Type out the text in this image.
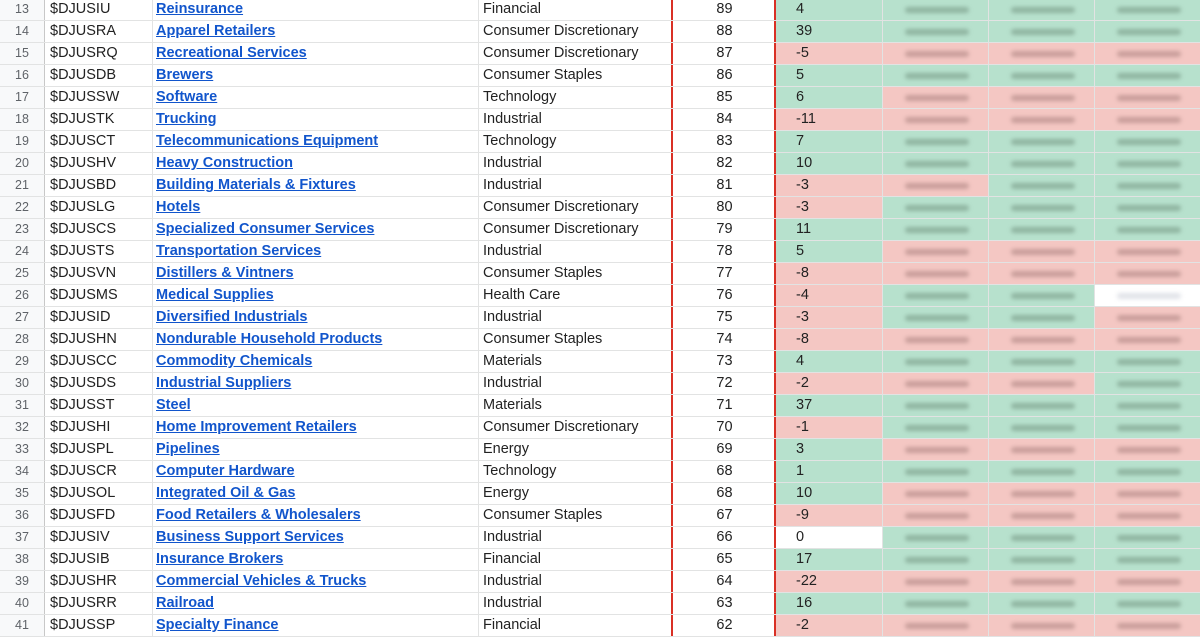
13	$DJUSIU	Reinsurance	Financial	89	4
14	$DJUSRA	Apparel Retailers	Consumer Discretionary	88	39
15	$DJUSRQ	Recreational Services	Consumer Discretionary	87	-5
16	$DJUSDB	Brewers	Consumer Staples	86	5
17	$DJUSSW	Software	Technology	85	6
18	$DJUSTK	Trucking	Industrial	84	-11
19	$DJUSCT	Telecommunications Equipment	Technology	83	7
20	$DJUSHV	Heavy Construction	Industrial	82	10
21	$DJUSBD	Building Materials & Fixtures	Industrial	81	-3
22	$DJUSLG	Hotels	Consumer Discretionary	80	-3
23	$DJUSCS	Specialized Consumer Services	Consumer Discretionary	79	11
24	$DJUSTS	Transportation Services	Industrial	78	5
25	$DJUSVN	Distillers & Vintners	Consumer Staples	77	-8
26	$DJUSMS	Medical Supplies	Health Care	76	-4
27	$DJUSID	Diversified Industrials	Industrial	75	-3
28	$DJUSHN	Nondurable Household Products	Consumer Staples	74	-8
29	$DJUSCC	Commodity Chemicals	Materials	73	4
30	$DJUSDS	Industrial Suppliers	Industrial	72	-2
31	$DJUSST	Steel	Materials	71	37
32	$DJUSHI	Home Improvement Retailers	Consumer Discretionary	70	-1
33	$DJUSPL	Pipelines	Energy	69	3
34	$DJUSCR	Computer Hardware	Technology	68	1
35	$DJUSOL	Integrated Oil & Gas	Energy	68	10
36	$DJUSFD	Food Retailers & Wholesalers	Consumer Staples	67	-9
37	$DJUSIV	Business Support Services	Industrial	66	0
38	$DJUSIB	Insurance Brokers	Financial	65	17
39	$DJUSHR	Commercial Vehicles & Trucks	Industrial	64	-22
40	$DJUSRR	Railroad	Industrial	63	16
41	$DJUSSP	Specialty Finance	Financial	62	-2
